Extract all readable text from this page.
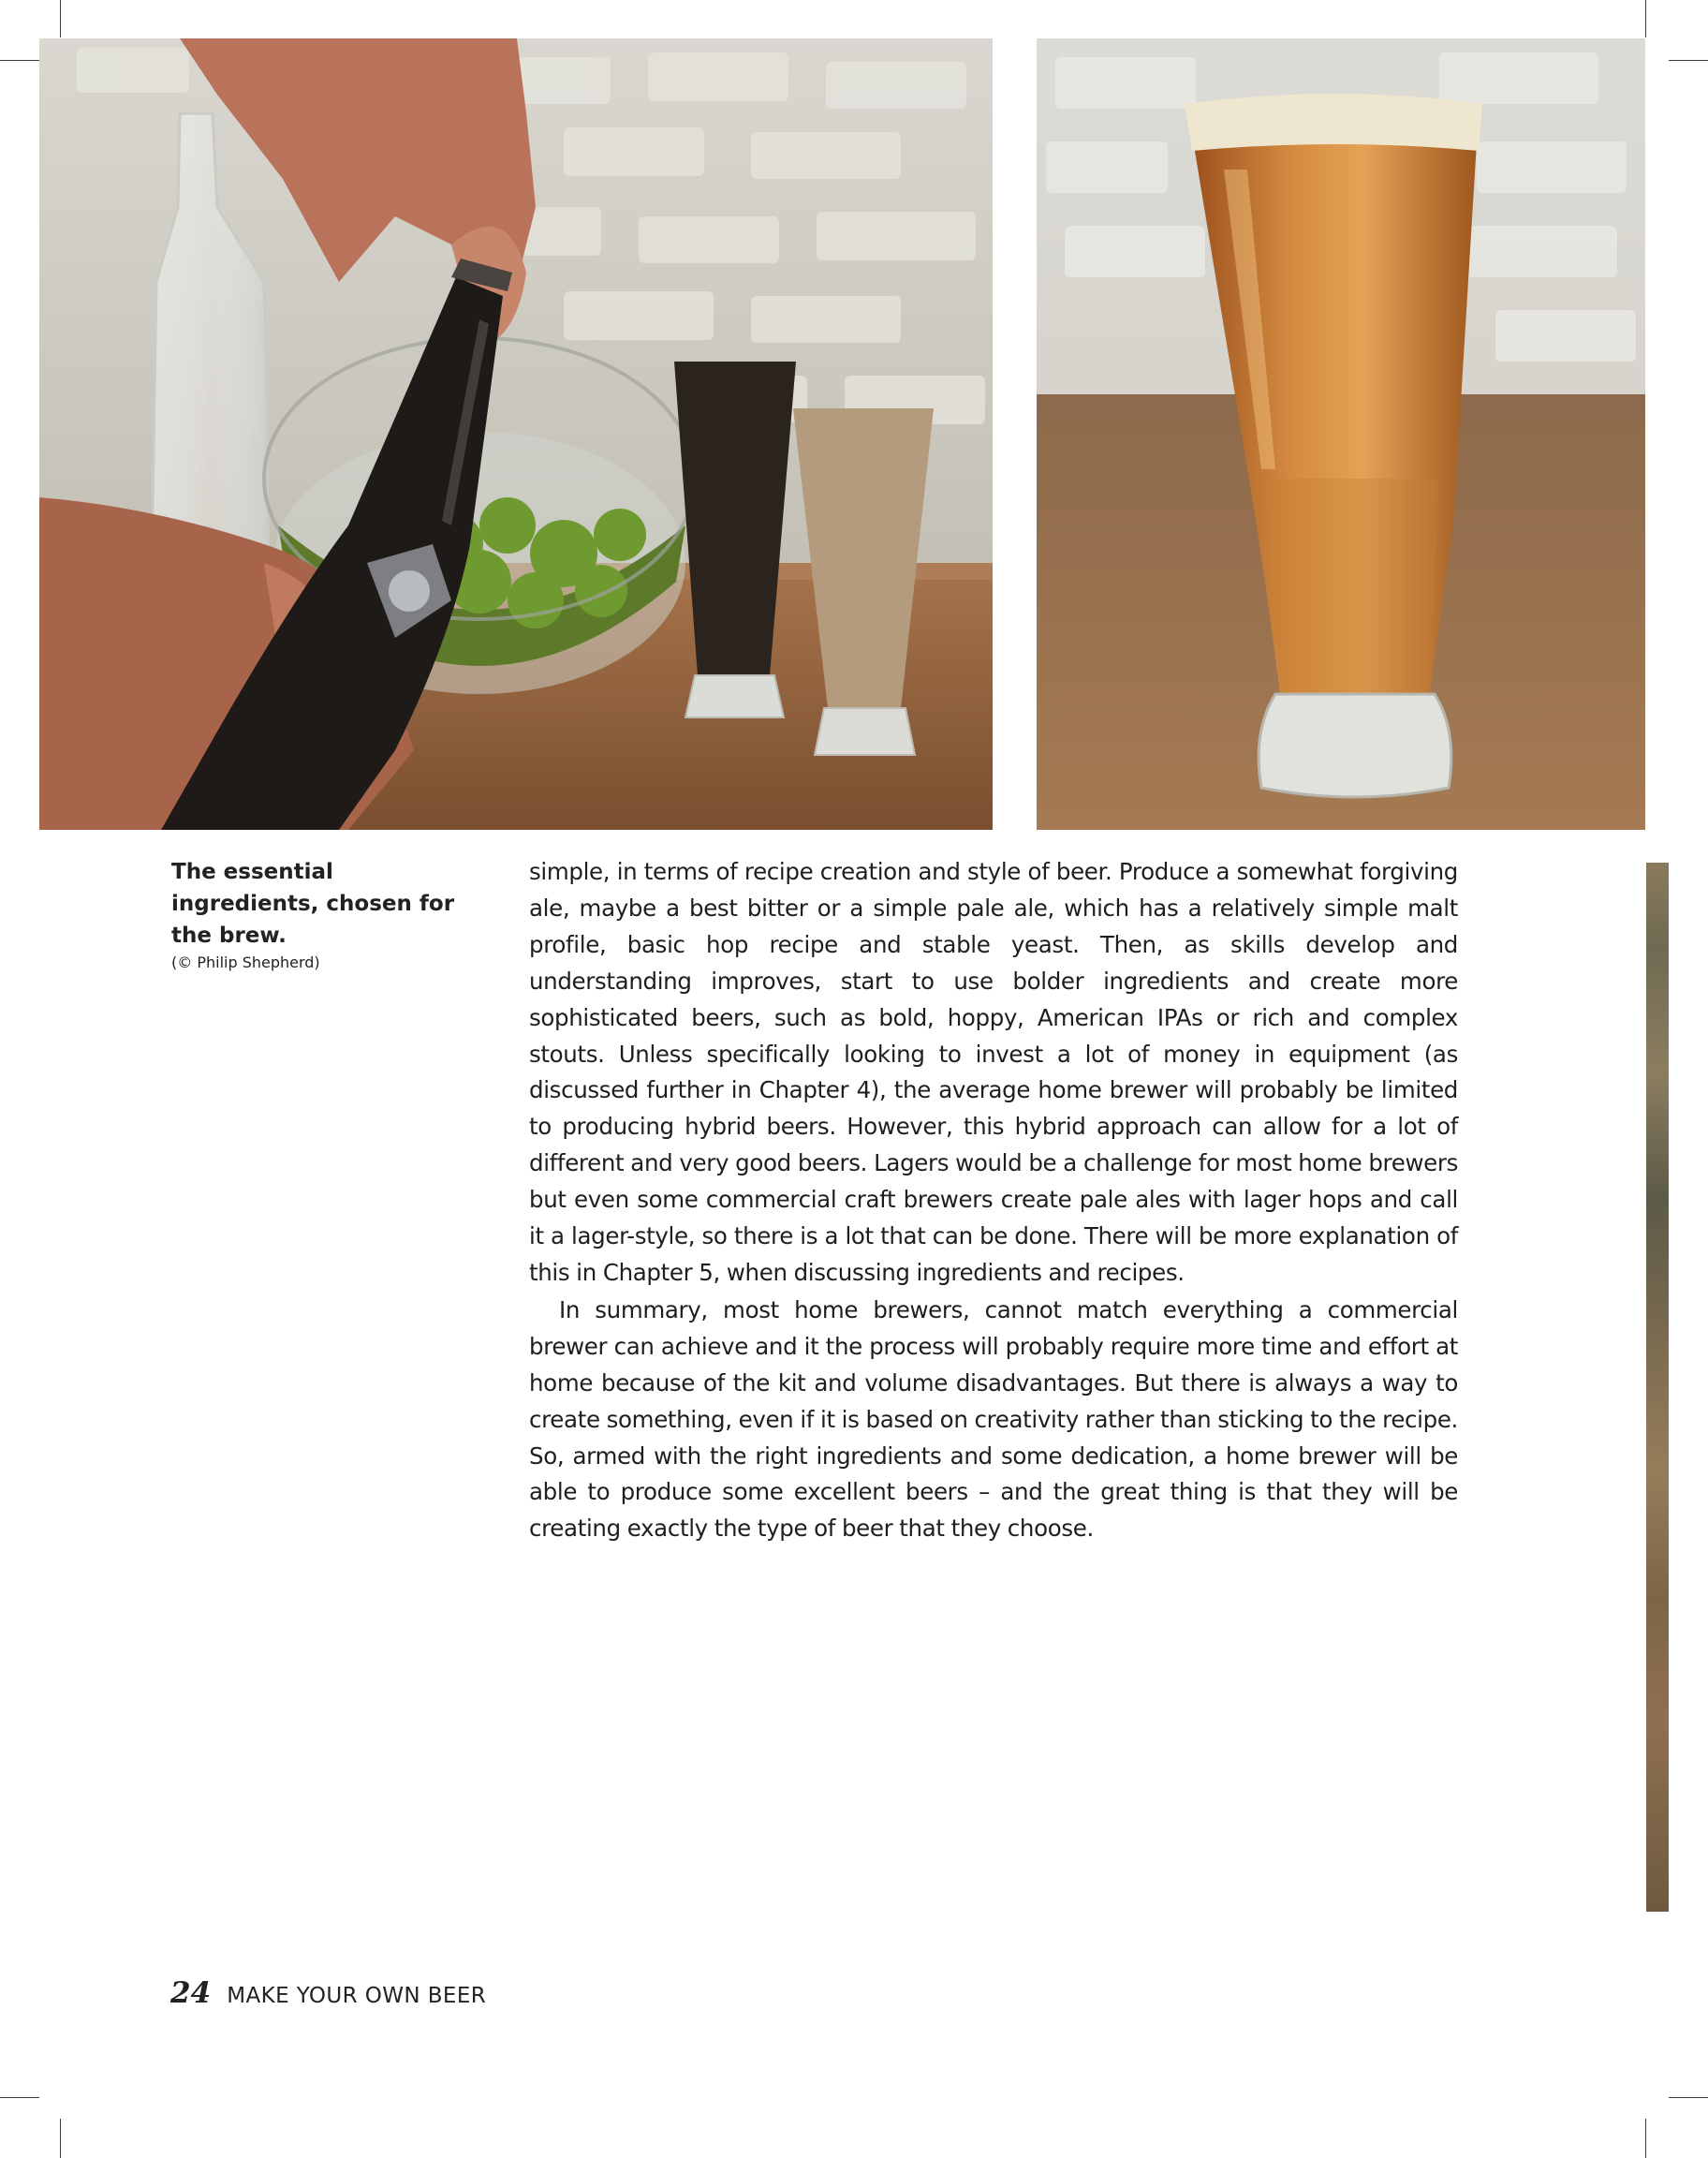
The essential ingredients, chosen for the brew.
(© Philip Shepherd)

simple, in terms of recipe creation and style of beer. Produce a somewhat forgiving ale, maybe a best bitter or a simple pale ale, which has a relatively simple malt profile, basic hop recipe and stable yeast. Then, as skills develop and understanding improves, start to use bolder ingredients and create more sophisticated beers, such as bold, hoppy, American IPAs or rich and complex stouts. Unless specifically looking to invest a lot of money in equipment (as discussed further in Chapter 4), the average home brewer will probably be limited to producing hybrid beers. However, this hybrid approach can allow for a lot of different and very good beers. Lagers would be a challenge for most home brewers but even some commercial craft brewers create pale ales with lager hops and call it a lager-style, so there is a lot that can be done. There will be more explanation of this in Chapter 5, when discussing ingredients and recipes.

In summary, most home brewers, cannot match everything a commercial brewer can achieve and it the process will probably require more time and effort at home because of the kit and volume disadvantages. But there is always a way to create something, even if it is based on creativity rather than sticking to the recipe. So, armed with the right ingredients and some dedication, a home brewer will be able to produce some excellent beers – and the great thing is that they will be creating exactly the type of beer that they choose.

24 MAKE YOUR OWN BEER
